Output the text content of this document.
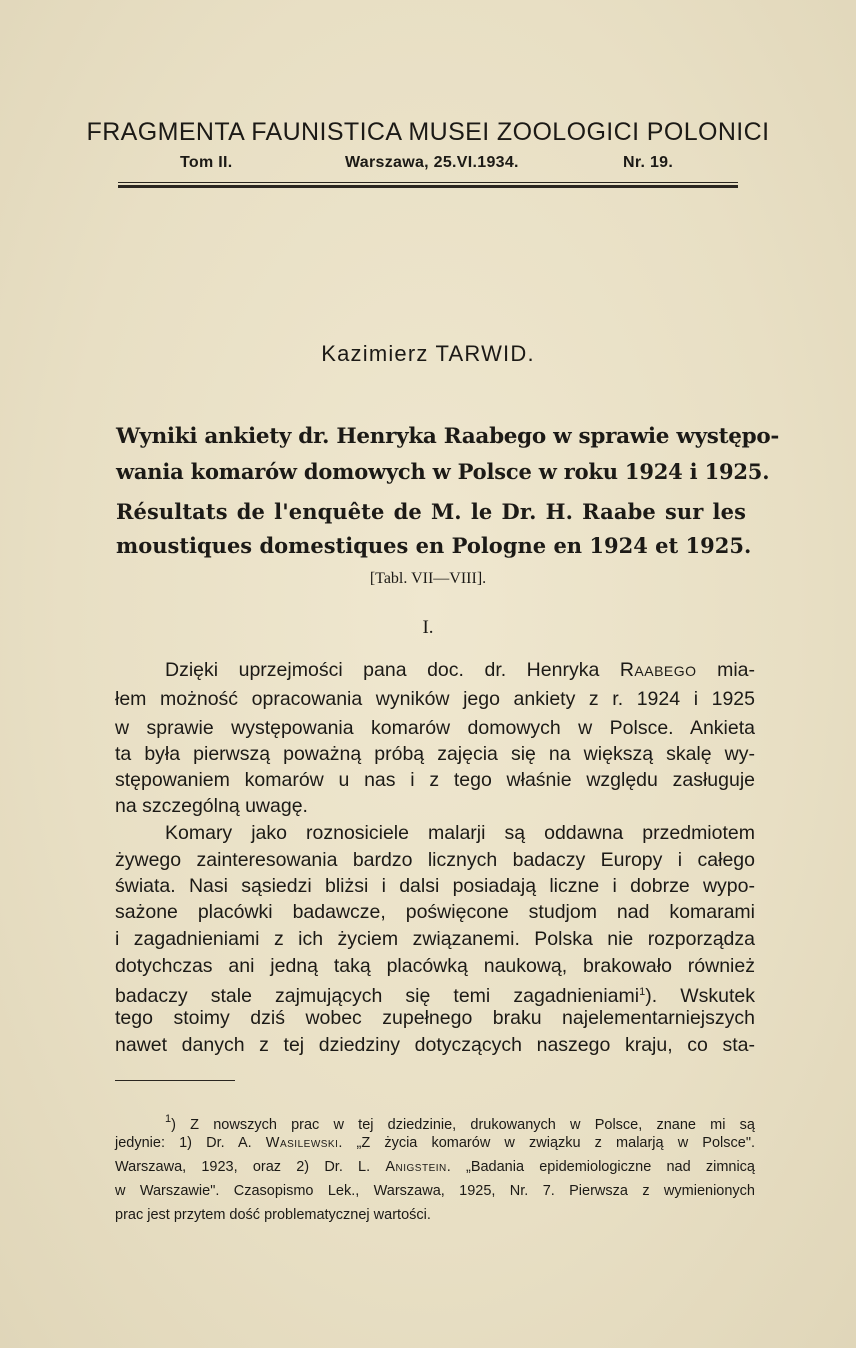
FRAGMENTA FAUNISTICA MUSEI ZOOLOGICI POLONICI
Tom II.	Warszawa, 25.VI.1934.	Nr. 19.
Kazimierz TARWID.
Wyniki ankiety dr. Henryka Raabego w sprawie występo-
wania komarów domowych w Polsce w roku 1924 i 1925.
Résultats de l'enquête de M. le Dr. H. Raabe sur les
moustiques domestiques en Pologne en 1924 et 1925.
[Tabl. VII—VIII].
I.
Dzięki uprzejmości pana doc. dr. Henryka Raabego mia-
łem możność opracowania wyników jego ankiety z r. 1924 i 1925
w sprawie występowania komarów domowych w Polsce. Ankieta
ta była pierwszą poważną próbą zajęcia się na większą skalę wy-
stępowaniem komarów u nas i z tego właśnie względu zasługuje
na szczególną uwagę.
Komary jako roznosiciele malarji są oddawna przedmiotem
żywego zainteresowania bardzo licznych badaczy Europy i całego
świata. Nasi sąsiedzi bliżsi i dalsi posiadają liczne i dobrze wypo-
sażone placówki badawcze, poświęcone studjom nad komarami
i zagadnieniami z ich życiem związanemi. Polska nie rozporządza
dotychczas ani jedną taką placówką naukową, brakowało również
badaczy stale zajmujących się temi zagadnieniami$^1$). Wskutek
tego stoimy dziś wobec zupełnego braku najelementarniejszych
nawet danych z tej dziedziny dotyczących naszego kraju, co sta-
$^1$) Z nowszych prac w tej dziedzinie, drukowanych w Polsce, znane mi są
jedynie: 1) Dr. A. Wasilewski. „Z życia komarów w związku z malarją w Polsce".
Warszawa, 1923, oraz 2) Dr. L. Anigstein. „Badania epidemiologiczne nad zimnicą
w Warszawie". Czasopismo Lek., Warszawa, 1925, Nr. 7. Pierwsza z wymienionych
prac jest przytem dość problematycznej wartości.
